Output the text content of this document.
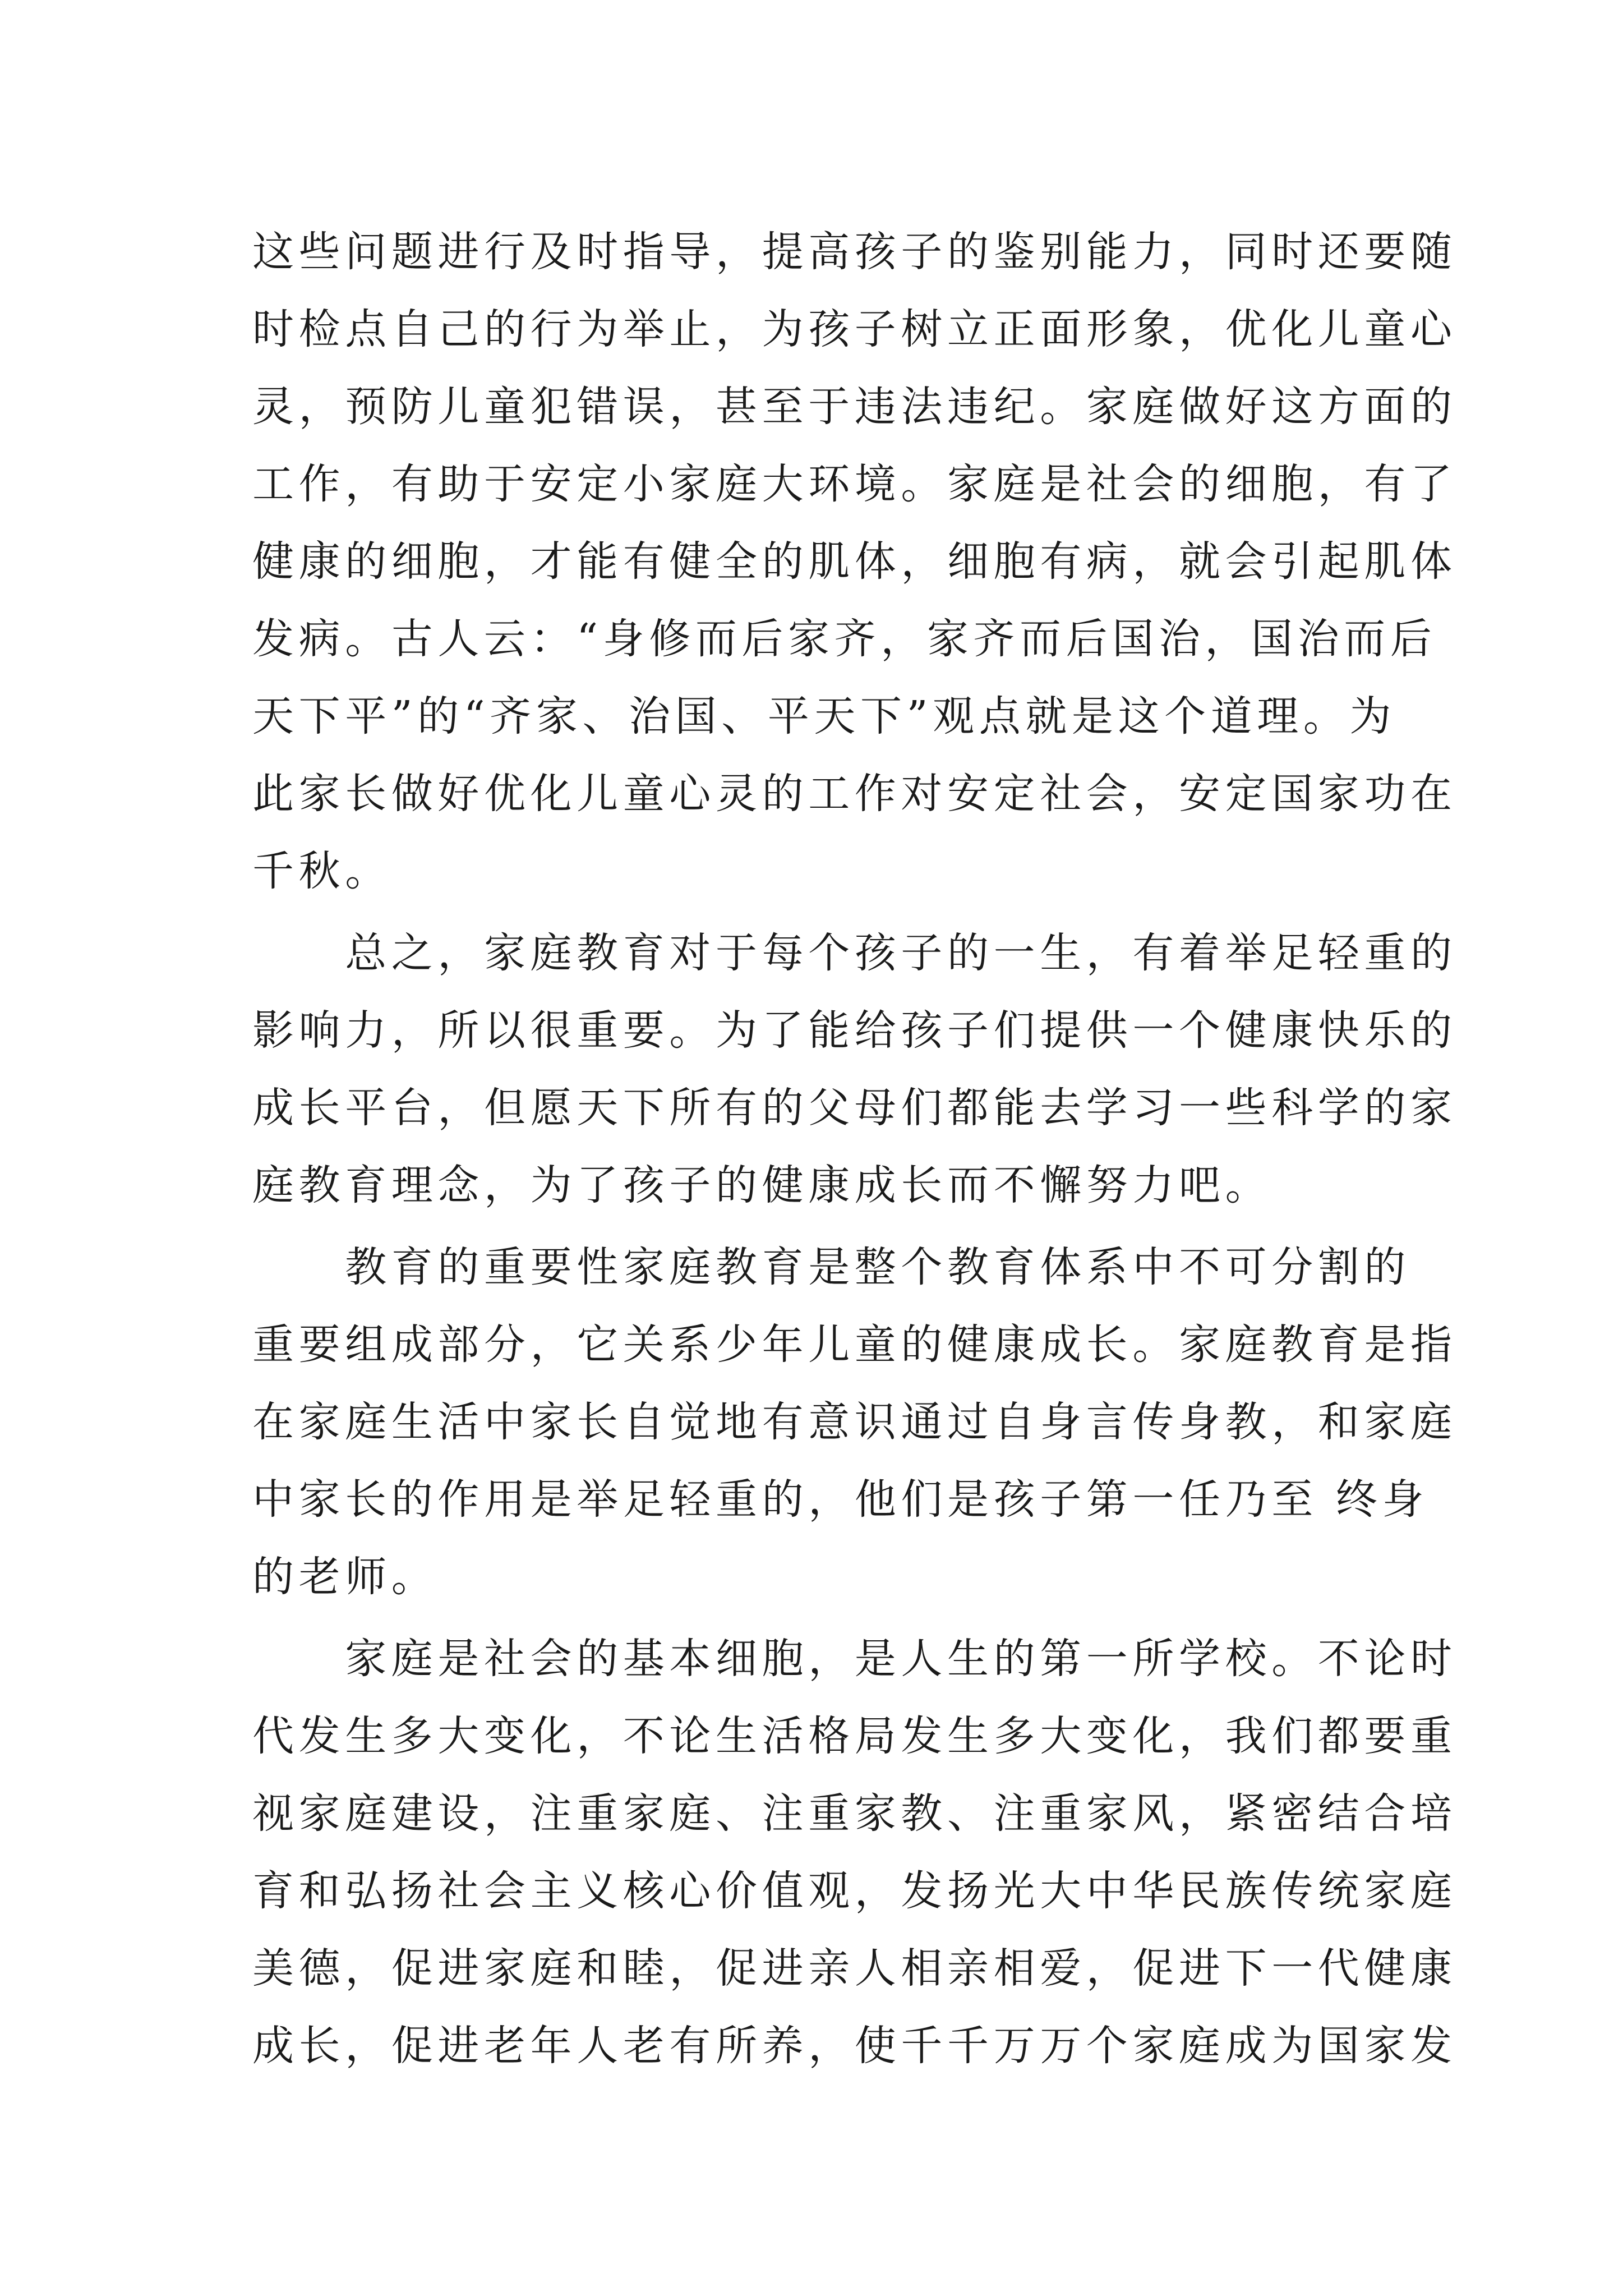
这些问题进行及时指导，提高孩子的鉴别能力，同时还要随
时检点自己的行为举止，为孩子树立正面形象，优化儿童心
灵，预防儿童犯错误，甚至于违法违纪。家庭做好这方面的
工作，有助于安定小家庭大环境。家庭是社会的细胞，有了
健康的细胞，才能有健全的肌体，细胞有病，就会引起肌体
发病。古人云：“身修而后家齐，家齐而后国治，国治而后
天下平”的“齐家、治国、平天下”观点就是这个道理。为
此家长做好优化儿童心灵的工作对安定社会，安定国家功在
千秋。
　　总之，家庭教育对于每个孩子的一生，有着举足轻重的
影响力，所以很重要。为了能给孩子们提供一个健康快乐的
成长平台，但愿天下所有的父母们都能去学习一些科学的家
庭教育理念，为了孩子的健康成长而不懈努力吧。
　　教育的重要性家庭教育是整个教育体系中不可分割的
重要组成部分，它关系少年儿童的健康成长。家庭教育是指
在家庭生活中家长自觉地有意识通过自身言传身教，和家庭
中家长的作用是举足轻重的，他们是孩子第一任乃至 终身
的老师。
　　家庭是社会的基本细胞，是人生的第一所学校。不论时
代发生多大变化，不论生活格局发生多大变化，我们都要重
视家庭建设，注重家庭、注重家教、注重家风，紧密结合培
育和弘扬社会主义核心价值观，发扬光大中华民族传统家庭
美德，促进家庭和睦，促进亲人相亲相爱，促进下一代健康
成长，促进老年人老有所养，使千千万万个家庭成为国家发
